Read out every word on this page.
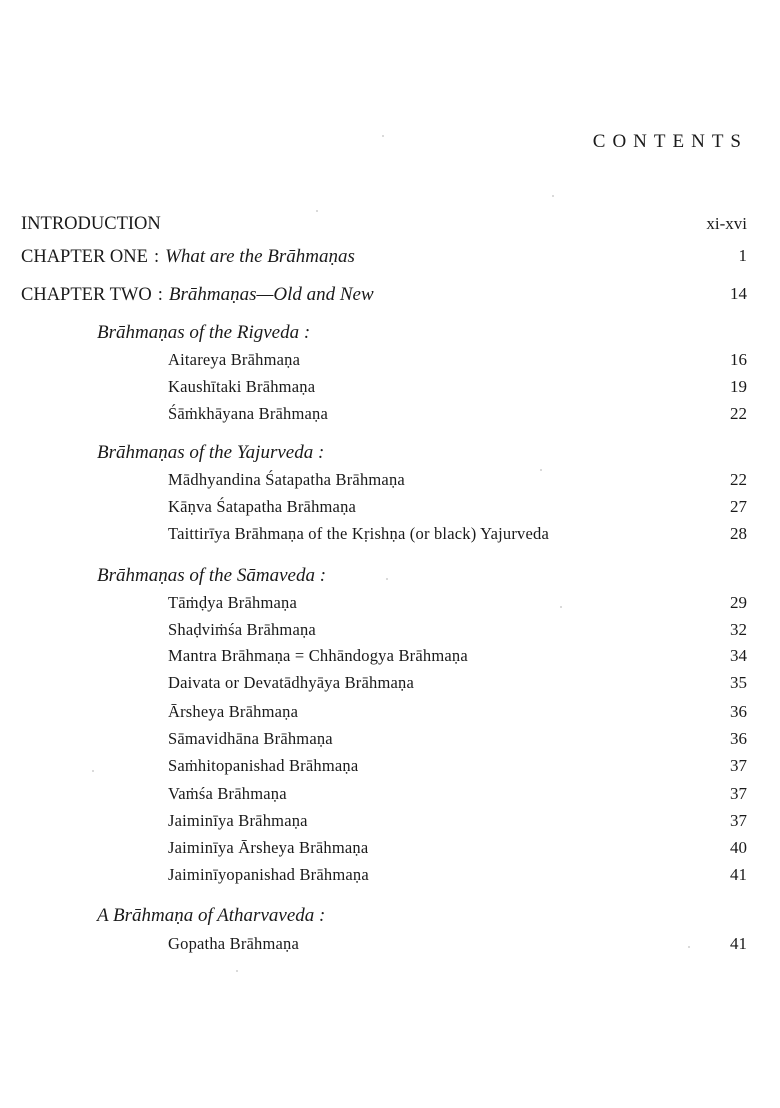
CONTENTS
INTRODUCTION	xi-xvi
CHAPTER ONE : What are the Brāhmaṇas	1
CHAPTER TWO : Brāhmaṇas—Old and New	14
Brāhmaṇas of the Rigveda :
Aitareya Brāhmaṇa	16
Kaushītaki Brāhmaṇa	19
Śāṁkhāyana Brāhmaṇa	22
Brāhmaṇas of the Yajurveda :
Mādhyandina Śatapatha Brāhmaṇa	22
Kāṇva Śatapatha Brāhmaṇa	27
Taittirīya Brāhmaṇa of the Kṛishṇa (or black) Yajurveda	28
Brāhmaṇas of the Sāmaveda :
Tāṁḍya Brāhmaṇa	29
Shaḍviṁśa Brāhmaṇa	32
Mantra Brāhmaṇa = Chhāndogya Brāhmaṇa	34
Daivata or Devatādhyāya Brāhmaṇa	35
Ārsheya Brāhmaṇa	36
Sāmavidhāna Brāhmaṇa	36
Saṁhitopanishad Brāhmaṇa	37
Vaṁśa Brāhmaṇa	37
Jaiminīya Brāhmaṇa	37
Jaiminīya Ārsheya Brāhmaṇa	40
Jaiminīyopanishad Brāhmaṇa	41
A Brāhmaṇa of Atharvaveda :
Gopatha Brāhmaṇa	41
